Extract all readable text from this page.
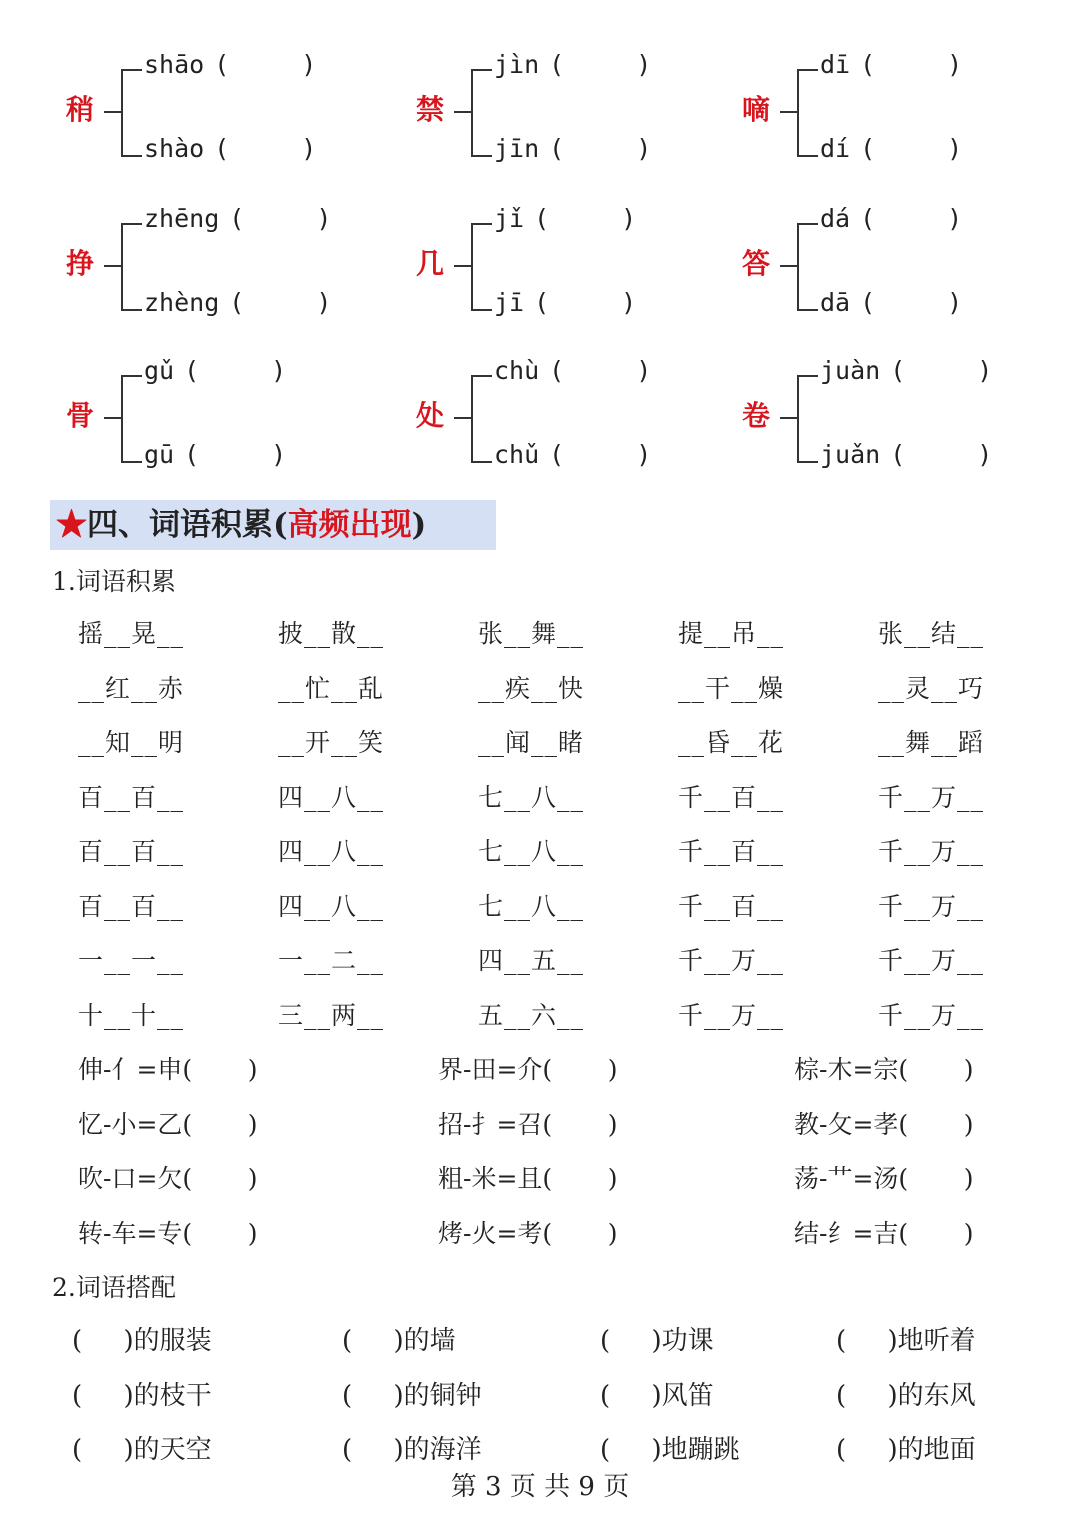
稍
shāo (	)
shào (	)
禁
jìn (	)
jīn (	)
嘀
dī (	)
dí (	)
挣
zhēng (	)
zhèng (	)
几
jǐ (	)
jī (	)
答
dá (	)
dā (	)
骨
gǔ (	)
gū (	)
处
chù (	)
chǔ (	)
卷
juàn (	)
juǎn (	)
★四、词语积累(高频出现)
1.词语积累
摇__晃__	披__散__	张__舞__	提__吊__	张__结__
__红__赤	__忙__乱	__疾__快	__干__燥	__灵__巧
__知__明	__开__笑	__闻__睹	__昏__花	__舞__蹈
百__百__	四__八__	七__八__	千__百__	千__万__
百__百__	四__八__	七__八__	千__百__	千__万__
百__百__	四__八__	七__八__	千__百__	千__万__
一__一__	一__二__	四__五__	千__万__	千__万__
十__十__	三__两__	五__六__	千__万__	千__万__
伸-亻=申(       )	界-田=介(       )	棕-木=宗(       )
忆-小=乙(       )	招-扌=召(       )	教-攵=孝(       )
吹-口=欠(       )	粗-米=且(       )	荡-艹=汤(       )
转-车=专(       )	烤-火=考(       )	结-纟=吉(       )
2.词语搭配
(     )的服装	(     )的墙	(     )功课	(     )地听着
(     )的枝干	(     )的铜钟	(     )风笛	(     )的东风
(     )的天空	(     )的海洋	(     )地蹦跳	(     )的地面
第 3 页 共 9 页
